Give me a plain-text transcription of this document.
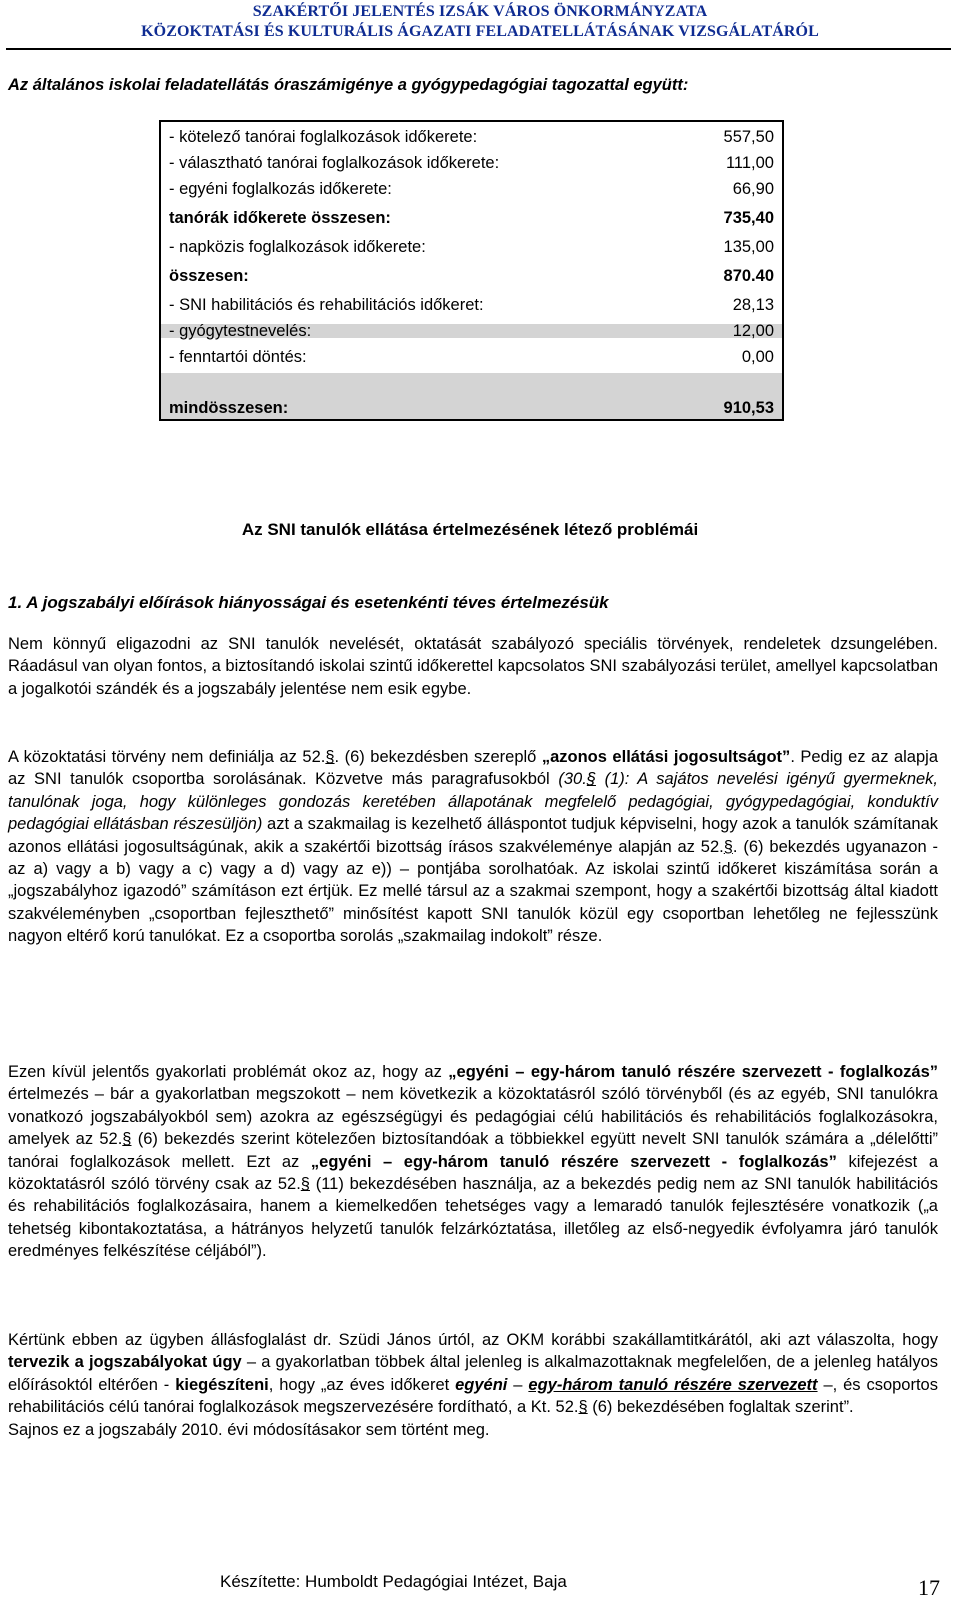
SZAKÉRTŐI JELENTÉS IZSÁK VÁROS ÖNKORMÁNYZATA
KÖZOKTATÁSI ÉS KULTURÁLIS ÁGAZATI FELADATELLÁTÁSÁNAK VIZSGÁLATÁRÓL
Az általános iskolai feladatellátás óraszámigénye a gyógypedagógiai tagozattal együtt:
- kötelező tanórai foglalkozások időkerete:	557,50
- választható tanórai foglalkozások időkerete:	111,00
- egyéni foglalkozás időkerete:	66,90
tanórák időkerete összesen:	735,40
- napközis foglalkozások időkerete:	135,00
összesen:	870.40
- SNI habilitációs és rehabilitációs időkeret:	28,13
- gyógytestnevelés:	12,00
- fenntartói döntés:	0,00
mindösszesen:	910,53
Az SNI tanulók ellátása értelmezésének létező problémái
1. A jogszabályi előírások hiányosságai és esetenkénti téves értelmezésük

Nem könnyű eligazodni az SNI tanulók nevelését, oktatását szabályozó speciális törvények, rendeletek dzsungelében. Ráadásul van olyan fontos, a biztosítandó iskolai szintű időkerettel kapcsolatos SNI szabályozási terület, amellyel kapcsolatban a jogalkotói szándék és a jogszabály jelentése nem esik egybe.

A közoktatási törvény nem definiálja az 52.§. (6) bekezdésben szereplő „azonos ellátási jogosultságot”. Pedig ez az alapja az SNI tanulók csoportba sorolásának. Közvetve más paragrafusokból (30.§ (1): A sajátos nevelési igényű gyermeknek, tanulónak joga, hogy különleges gondozás keretében állapotának megfelelő pedagógiai, gyógypedagógiai, konduktív pedagógiai ellátásban részesüljön) azt a szakmailag is kezelhető álláspontot tudjuk képviselni, hogy azok a tanulók számítanak azonos ellátási jogosultságúnak, akik a szakértői bizottság írásos szakvéleménye alapján az 52.§. (6) bekezdés ugyanazon - az a) vagy a b) vagy a c) vagy a d) vagy az e)) – pontjába sorolhatóak. Az iskolai szintű időkeret kiszámítása során a „jogszabályhoz igazodó” számításon ezt értjük. Ez mellé társul az a szakmai szempont, hogy a szakértői bizottság által kiadott szakvéleményben „csoportban fejleszthető” minősítést kapott SNI tanulók közül egy csoportban lehetőleg ne fejlesszünk nagyon eltérő korú tanulókat. Ez a csoportba sorolás „szakmailag indokolt” része.

Ezen kívül jelentős gyakorlati problémát okoz az, hogy az „egyéni – egy-három tanuló részére szervezett - foglalkozás” értelmezés – bár a gyakorlatban megszokott – nem következik a közoktatásról szóló törvényből (és az egyéb, SNI tanulókra vonatkozó jogszabályokból sem) azokra az egészségügyi és pedagógiai célú habilitációs és rehabilitációs foglalkozásokra, amelyek az 52.§ (6) bekezdés szerint kötelezően biztosítandóak a többiekkel együtt nevelt SNI tanulók számára a „délelőtti” tanórai foglalkozások mellett. Ezt az „egyéni – egy-három tanuló részére szervezett - foglalkozás” kifejezést a közoktatásról szóló törvény csak az 52.§ (11) bekezdésében használja, az a bekezdés pedig nem az SNI tanulók habilitációs és rehabilitációs foglalkozásaira, hanem a kiemelkedően tehetséges vagy a lemaradó tanulók fejlesztésére vonatkozik („a tehetség kibontakoztatása, a hátrányos helyzetű tanulók felzárkóztatása, illetőleg az első-negyedik évfolyamra járó tanulók eredményes felkészítése céljából”).

Kértünk ebben az ügyben állásfoglalást dr. Szüdi János úrtól, az OKM korábbi szakállamtitkárától, aki azt válaszolta, hogy tervezik a jogszabályokat úgy – a gyakorlatban többek által jelenleg is alkalmazottaknak megfelelően, de a jelenleg hatályos előírásoktól eltérően - kiegészíteni, hogy „az éves időkeret egyéni – egy-három tanuló részére szervezett –, és csoportos rehabilitációs célú tanórai foglalkozások megszervezésére fordítható, a Kt. 52.§ (6) bekezdésében foglaltak szerint”.

Sajnos ez a jogszabály 2010. évi módosításakor sem történt meg.

Készítette: Humboldt Pedagógiai Intézet, Baja	17
